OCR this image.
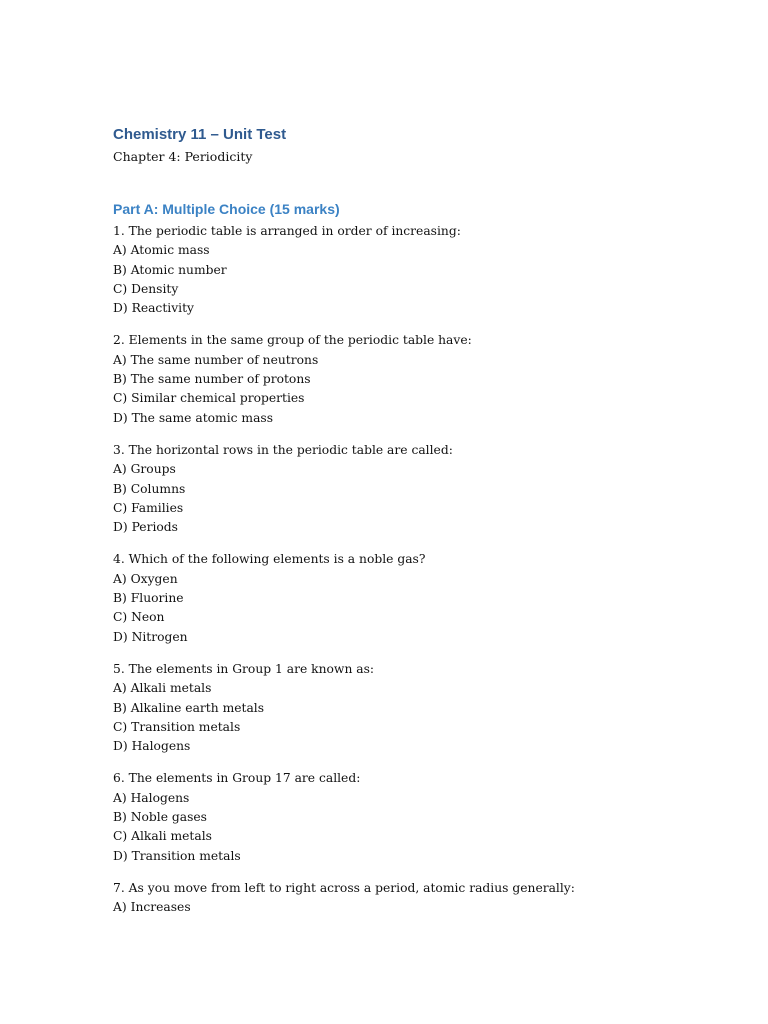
Chemistry 11 – Unit Test
Chapter 4: Periodicity
Part A: Multiple Choice (15 marks)
1. The periodic table is arranged in order of increasing:
A) Atomic mass
B) Atomic number
C) Density
D) Reactivity
2. Elements in the same group of the periodic table have:
A) The same number of neutrons
B) The same number of protons
C) Similar chemical properties
D) The same atomic mass
3. The horizontal rows in the periodic table are called:
A) Groups
B) Columns
C) Families
D) Periods
4. Which of the following elements is a noble gas?
A) Oxygen
B) Fluorine
C) Neon
D) Nitrogen
5. The elements in Group 1 are known as:
A) Alkali metals
B) Alkaline earth metals
C) Transition metals
D) Halogens
6. The elements in Group 17 are called:
A) Halogens
B) Noble gases
C) Alkali metals
D) Transition metals
7. As you move from left to right across a period, atomic radius generally:
A) Increases
